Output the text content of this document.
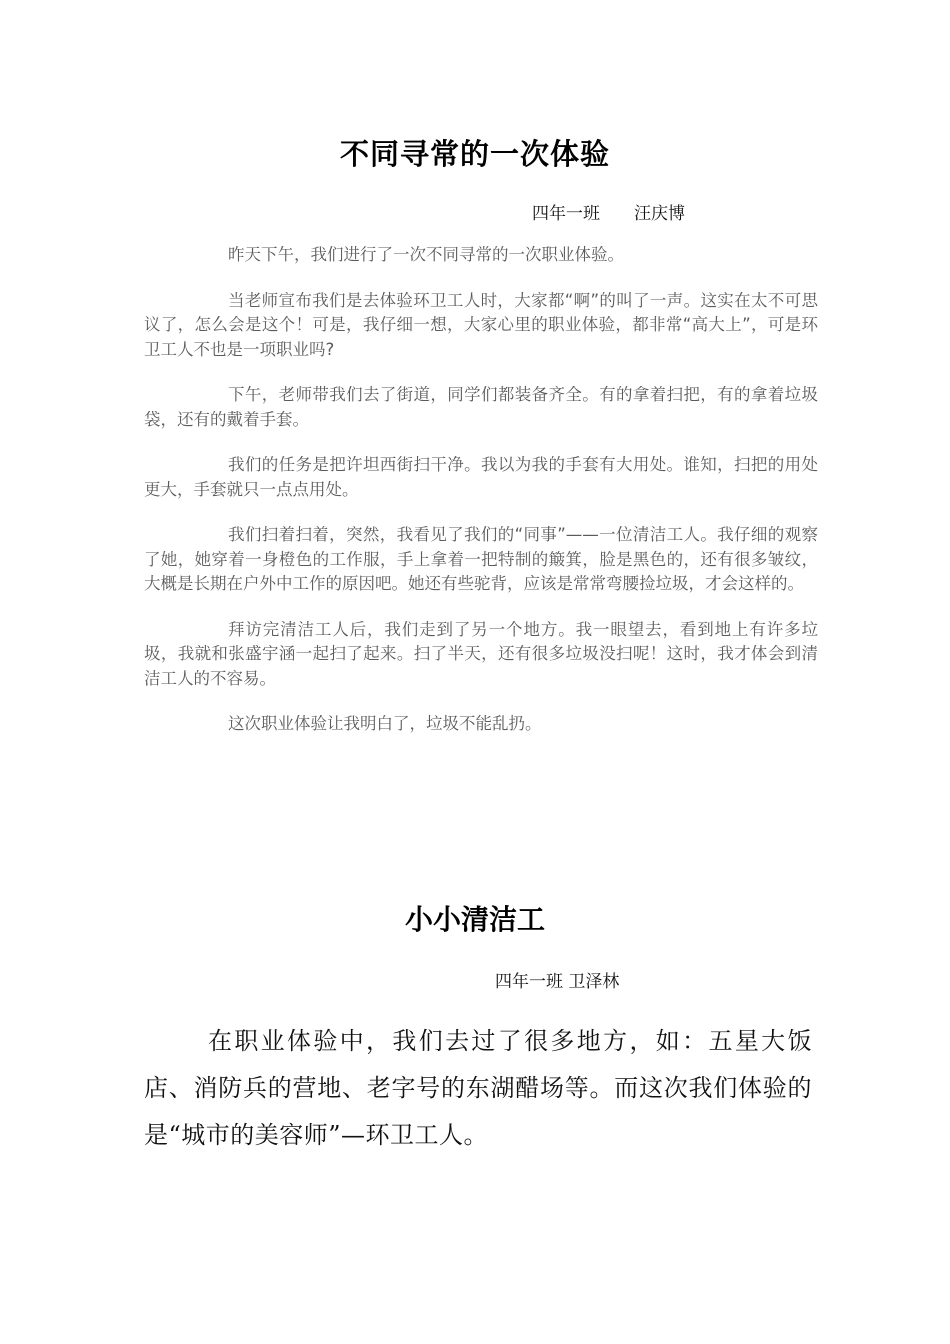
不同寻常的一次体验
四年一班　　汪庆博

昨天下午，我们进行了一次不同寻常的一次职业体验。

当老师宣布我们是去体验环卫工人时，大家都“啊”的叫了一声。这实在太不可思议了，怎么会是这个！可是，我仔细一想，大家心里的职业体验，都非常“高大上”，可是环卫工人不也是一项职业吗?

下午，老师带我们去了街道，同学们都装备齐全。有的拿着扫把，有的拿着垃圾袋，还有的戴着手套。

我们的任务是把许坦西街扫干净。我以为我的手套有大用处。谁知，扫把的用处更大，手套就只一点点用处。

我们扫着扫着，突然，我看见了我们的“同事”——一位清洁工人。我仔细的观察了她，她穿着一身橙色的工作服，手上拿着一把特制的簸箕，脸是黑色的，还有很多皱纹，大概是长期在户外中工作的原因吧。她还有些驼背，应该是常常弯腰捡垃圾，才会这样的。

拜访完清洁工人后，我们走到了另一个地方。我一眼望去，看到地上有许多垃圾，我就和张盛宇涵一起扫了起来。扫了半天，还有很多垃圾没扫呢！这时，我才体会到清洁工人的不容易。

这次职业体验让我明白了，垃圾不能乱扔。

小小清洁工
四年一班 卫泽林

在职业体验中，我们去过了很多地方，如：五星大饭店、消防兵的营地、老字号的东湖醋场等。而这次我们体验的是“城市的美容师”—环卫工人。
